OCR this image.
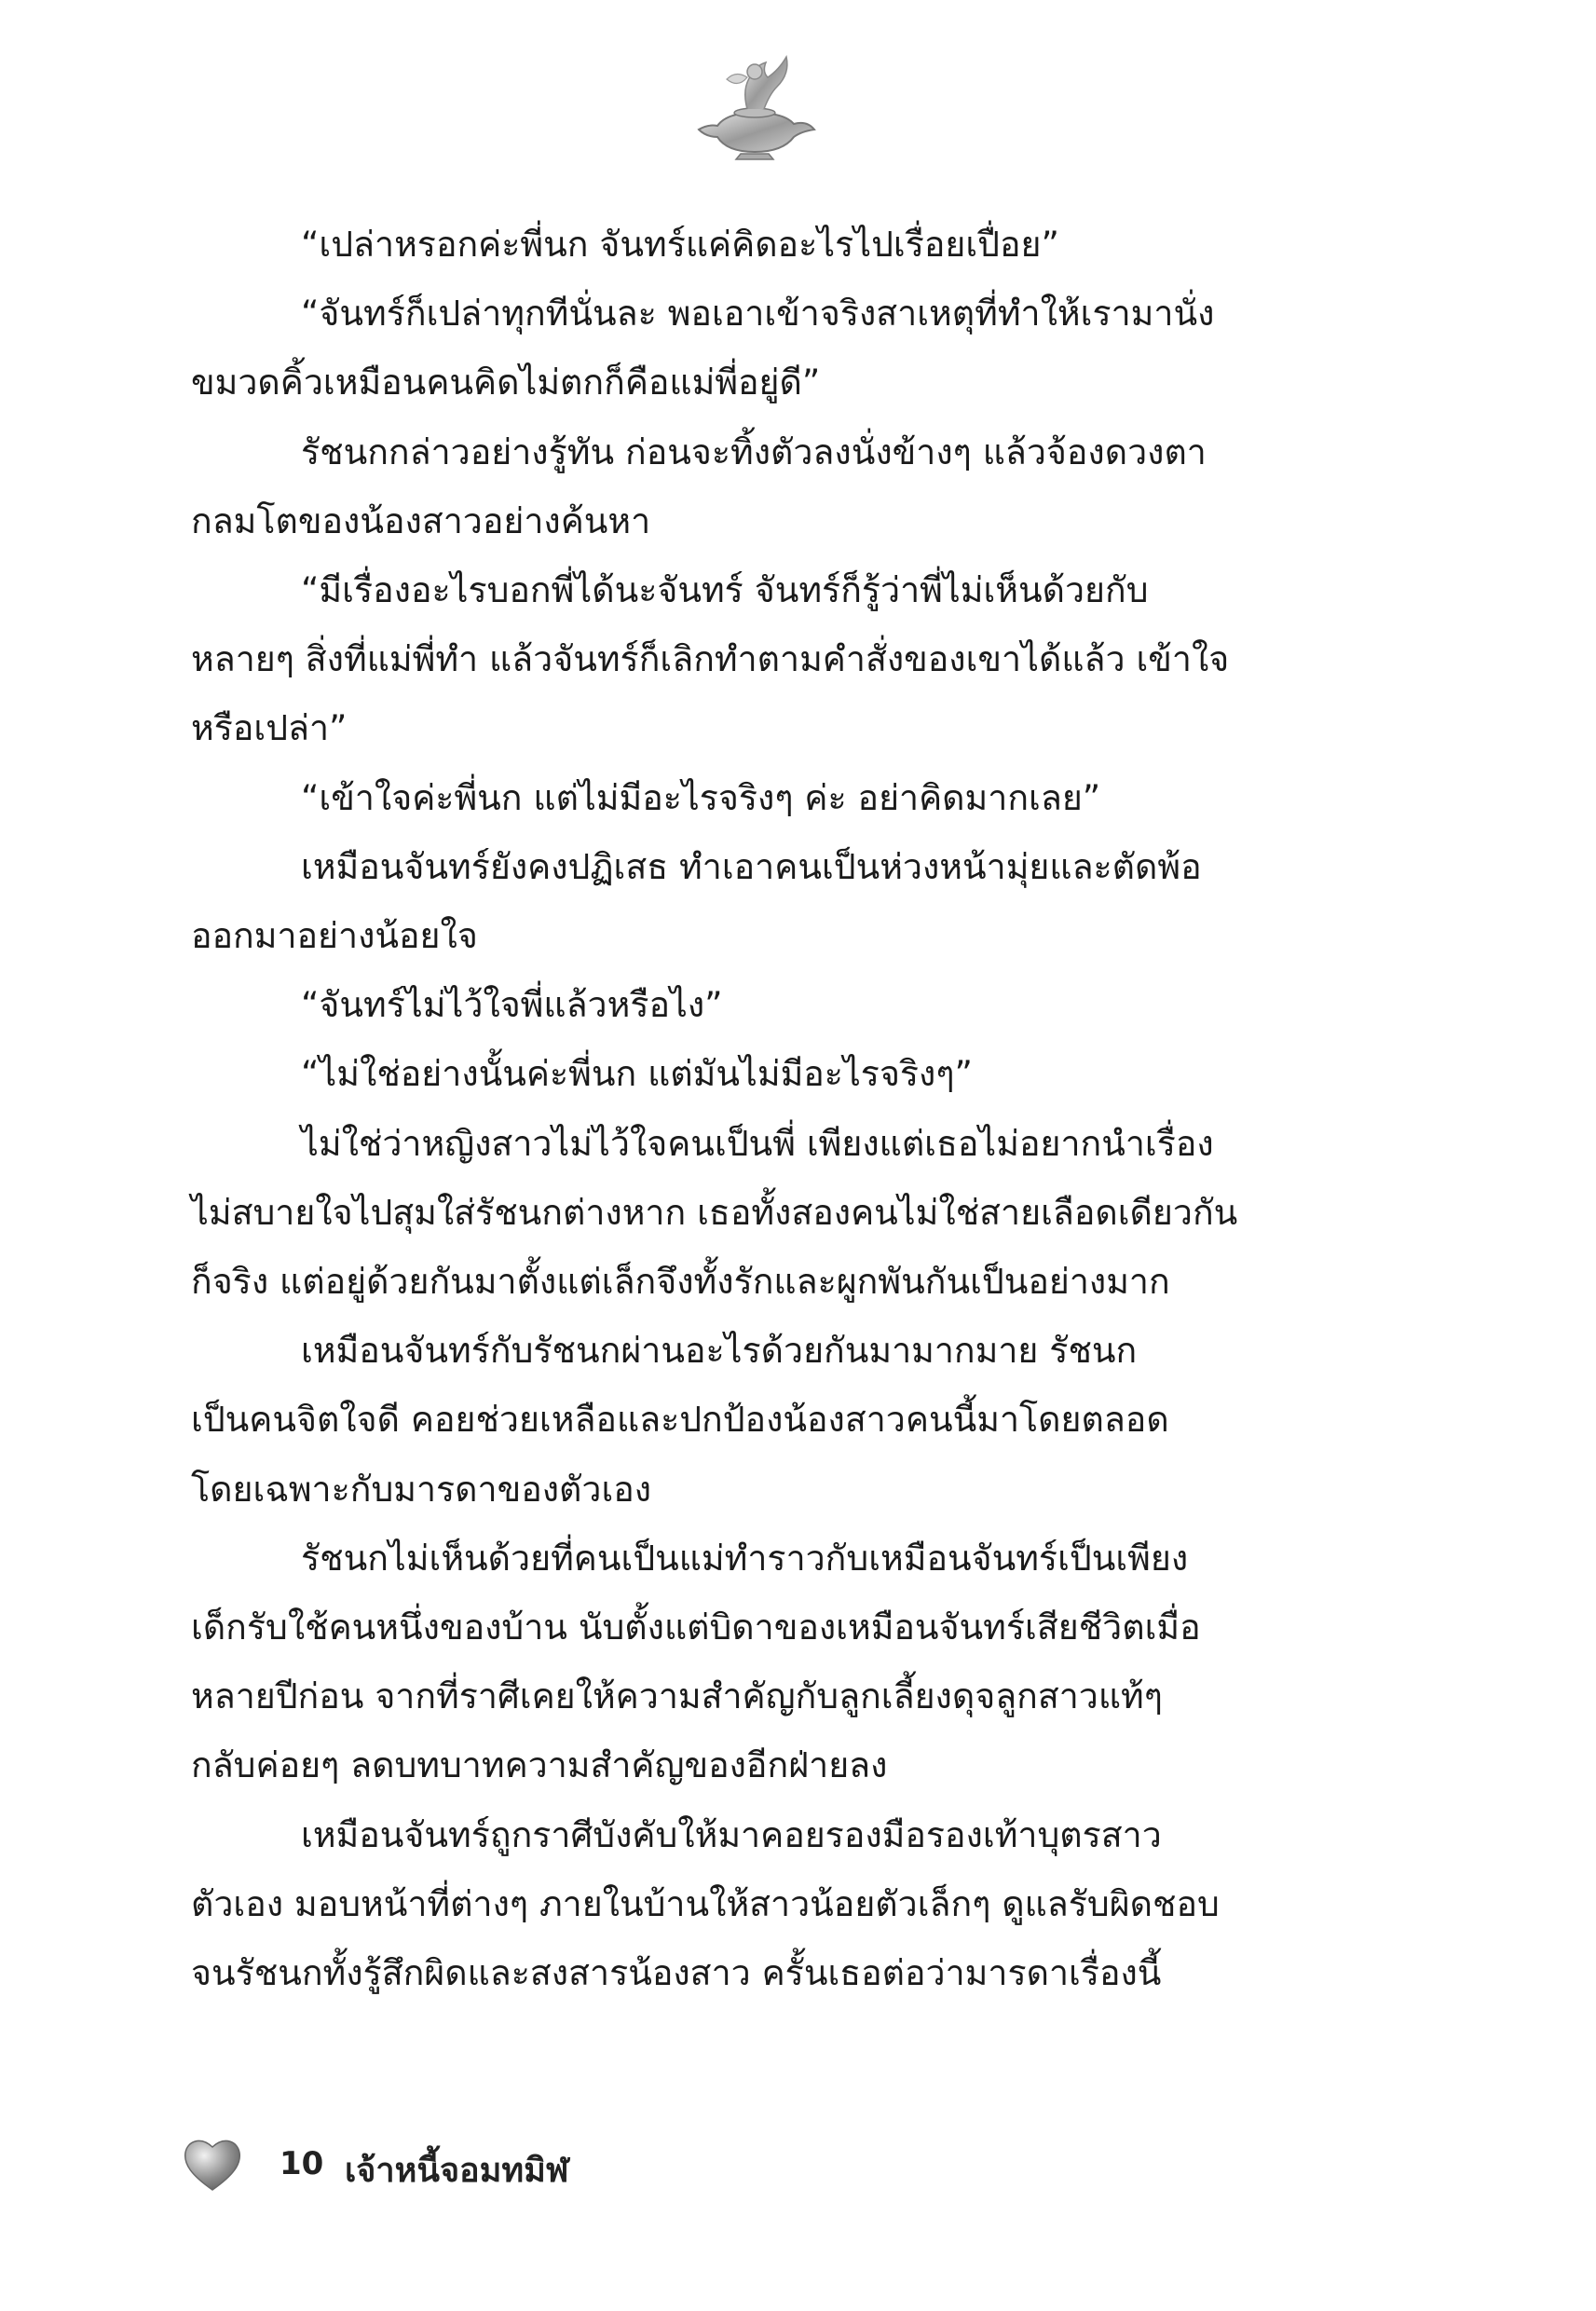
“เปล่าหรอกค่ะพี่นก จันทร์แค่คิดอะไรไปเรื่อยเปื่อย”

“จันทร์ก็เปล่าทุกทีนั่นละ พอเอาเข้าจริงสาเหตุที่ทำให้เรามานั่ง

ขมวดคิ้วเหมือนคนคิดไม่ตกก็คือแม่พี่อยู่ดี”

รัชนกกล่าวอย่างรู้ทัน ก่อนจะทิ้งตัวลงนั่งข้างๆ แล้วจ้องดวงตา

กลมโตของน้องสาวอย่างค้นหา

“มีเรื่องอะไรบอกพี่ได้นะจันทร์ จันทร์ก็รู้ว่าพี่ไม่เห็นด้วยกับ

หลายๆ สิ่งที่แม่พี่ทำ แล้วจันทร์ก็เลิกทำตามคำสั่งของเขาได้แล้ว เข้าใจ

หรือเปล่า”

“เข้าใจค่ะพี่นก แต่ไม่มีอะไรจริงๆ ค่ะ อย่าคิดมากเลย”

เหมือนจันทร์ยังคงปฏิเสธ ทำเอาคนเป็นห่วงหน้ามุ่ยและตัดพ้อ

ออกมาอย่างน้อยใจ

“จันทร์ไม่ไว้ใจพี่แล้วหรือไง”

“ไม่ใช่อย่างนั้นค่ะพี่นก แต่มันไม่มีอะไรจริงๆ”

ไม่ใช่ว่าหญิงสาวไม่ไว้ใจคนเป็นพี่ เพียงแต่เธอไม่อยากนำเรื่อง

ไม่สบายใจไปสุมใส่รัชนกต่างหาก เธอทั้งสองคนไม่ใช่สายเลือดเดียวกัน

ก็จริง แต่อยู่ด้วยกันมาตั้งแต่เล็กจึงทั้งรักและผูกพันกันเป็นอย่างมาก

เหมือนจันทร์กับรัชนกผ่านอะไรด้วยกันมามากมาย รัชนก

เป็นคนจิตใจดี คอยช่วยเหลือและปกป้องน้องสาวคนนี้มาโดยตลอด

โดยเฉพาะกับมารดาของตัวเอง

รัชนกไม่เห็นด้วยที่คนเป็นแม่ทำราวกับเหมือนจันทร์เป็นเพียง

เด็กรับใช้คนหนึ่งของบ้าน นับตั้งแต่บิดาของเหมือนจันทร์เสียชีวิตเมื่อ

หลายปีก่อน จากที่ราศีเคยให้ความสำคัญกับลูกเลี้ยงดุจลูกสาวแท้ๆ

กลับค่อยๆ ลดบทบาทความสำคัญของอีกฝ่ายลง

เหมือนจันทร์ถูกราศีบังคับให้มาคอยรองมือรองเท้าบุตรสาว

ตัวเอง มอบหน้าที่ต่างๆ ภายในบ้านให้สาวน้อยตัวเล็กๆ ดูแลรับผิดชอบ

จนรัชนกทั้งรู้สึกผิดและสงสารน้องสาว ครั้นเธอต่อว่ามารดาเรื่องนี้

10 เจ้าหนี้จอมทมิฬ
